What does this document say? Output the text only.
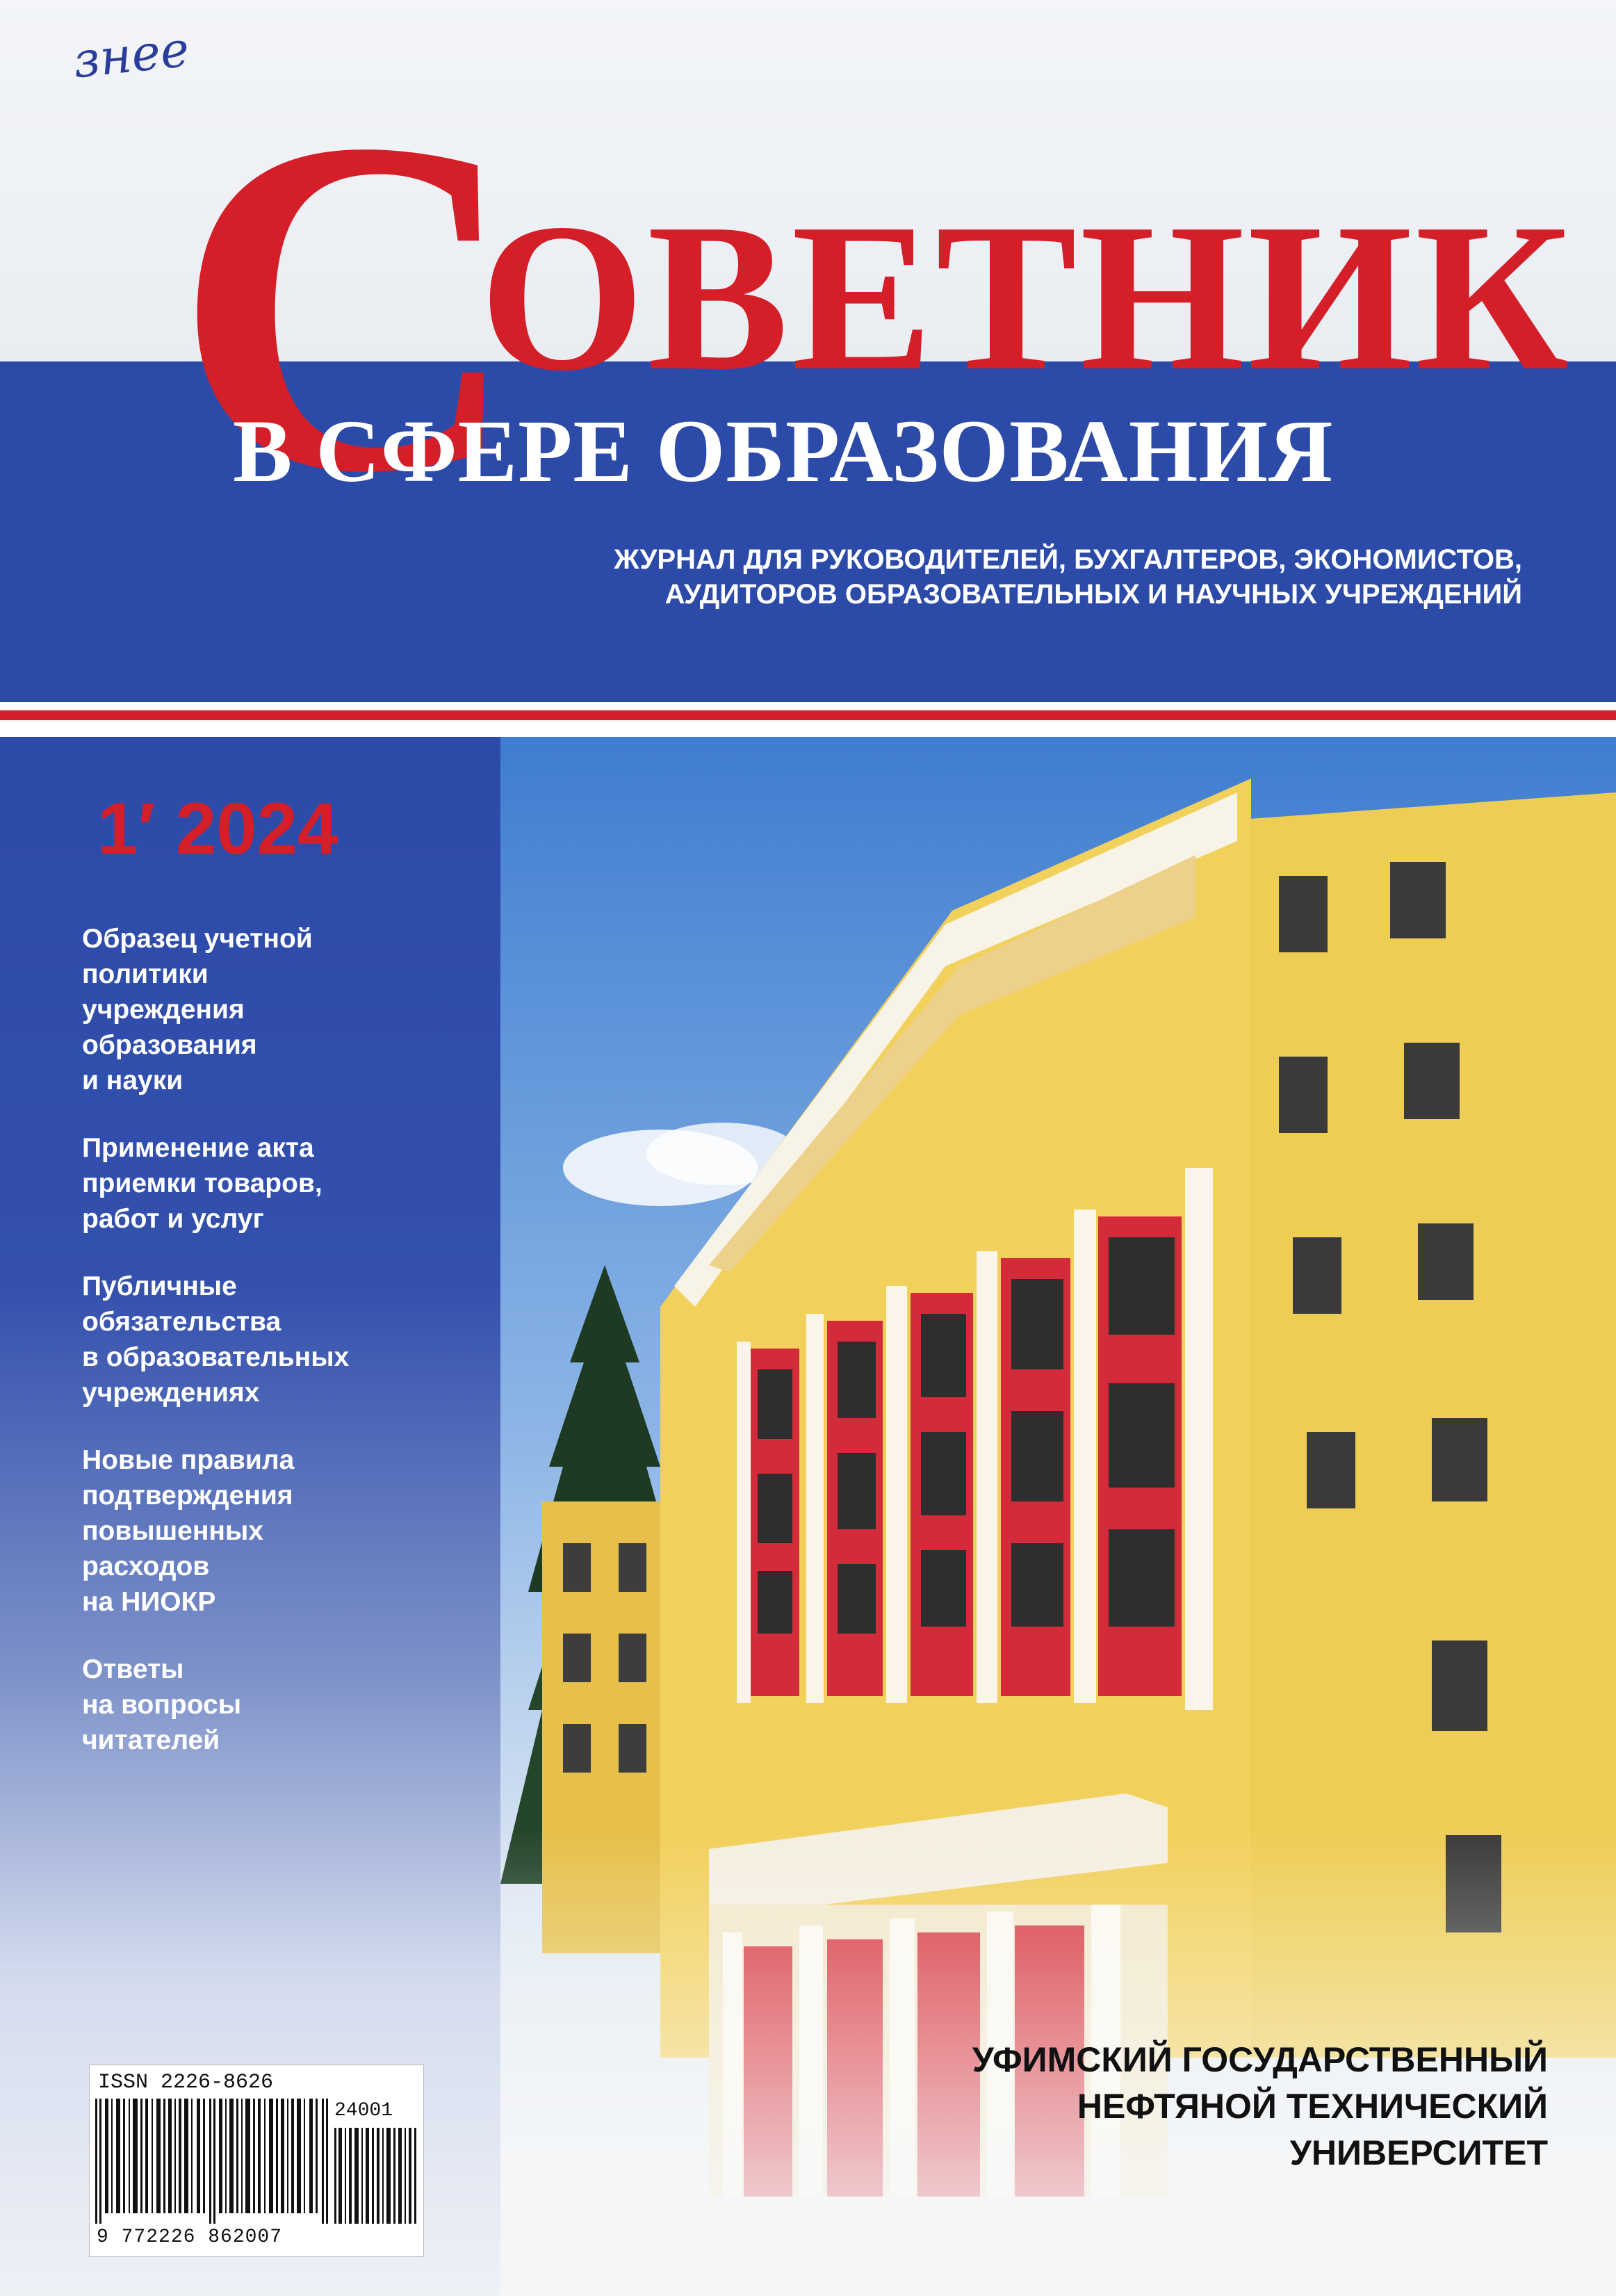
знее
С
ОВЕТНИК
В СФЕРЕ ОБРАЗОВАНИЯ
ЖУРНАЛ ДЛЯ РУКОВОДИТЕЛЕЙ, БУХГАЛТЕРОВ, ЭКОНОМИСТОВ,
АУДИТОРОВ ОБРАЗОВАТЕЛЬНЫХ И НАУЧНЫХ УЧРЕЖДЕНИЙ
1′ 2024
Образец учетной
политики
учреждения
образования
и науки
Применение акта
приемки товаров,
работ и услуг
Публичные
обязательства
в образовательных
учреждениях
Новые правила
подтверждения
повышенных
расходов
на НИОКР
Ответы
на вопросы
читателей
УФИМСКИЙ ГОСУДАРСТВЕННЫЙ
НЕФТЯНОЙ ТЕХНИЧЕСКИЙ
УНИВЕРСИТЕТ
ISSN 2226-8626
24001
9 772226 862007
